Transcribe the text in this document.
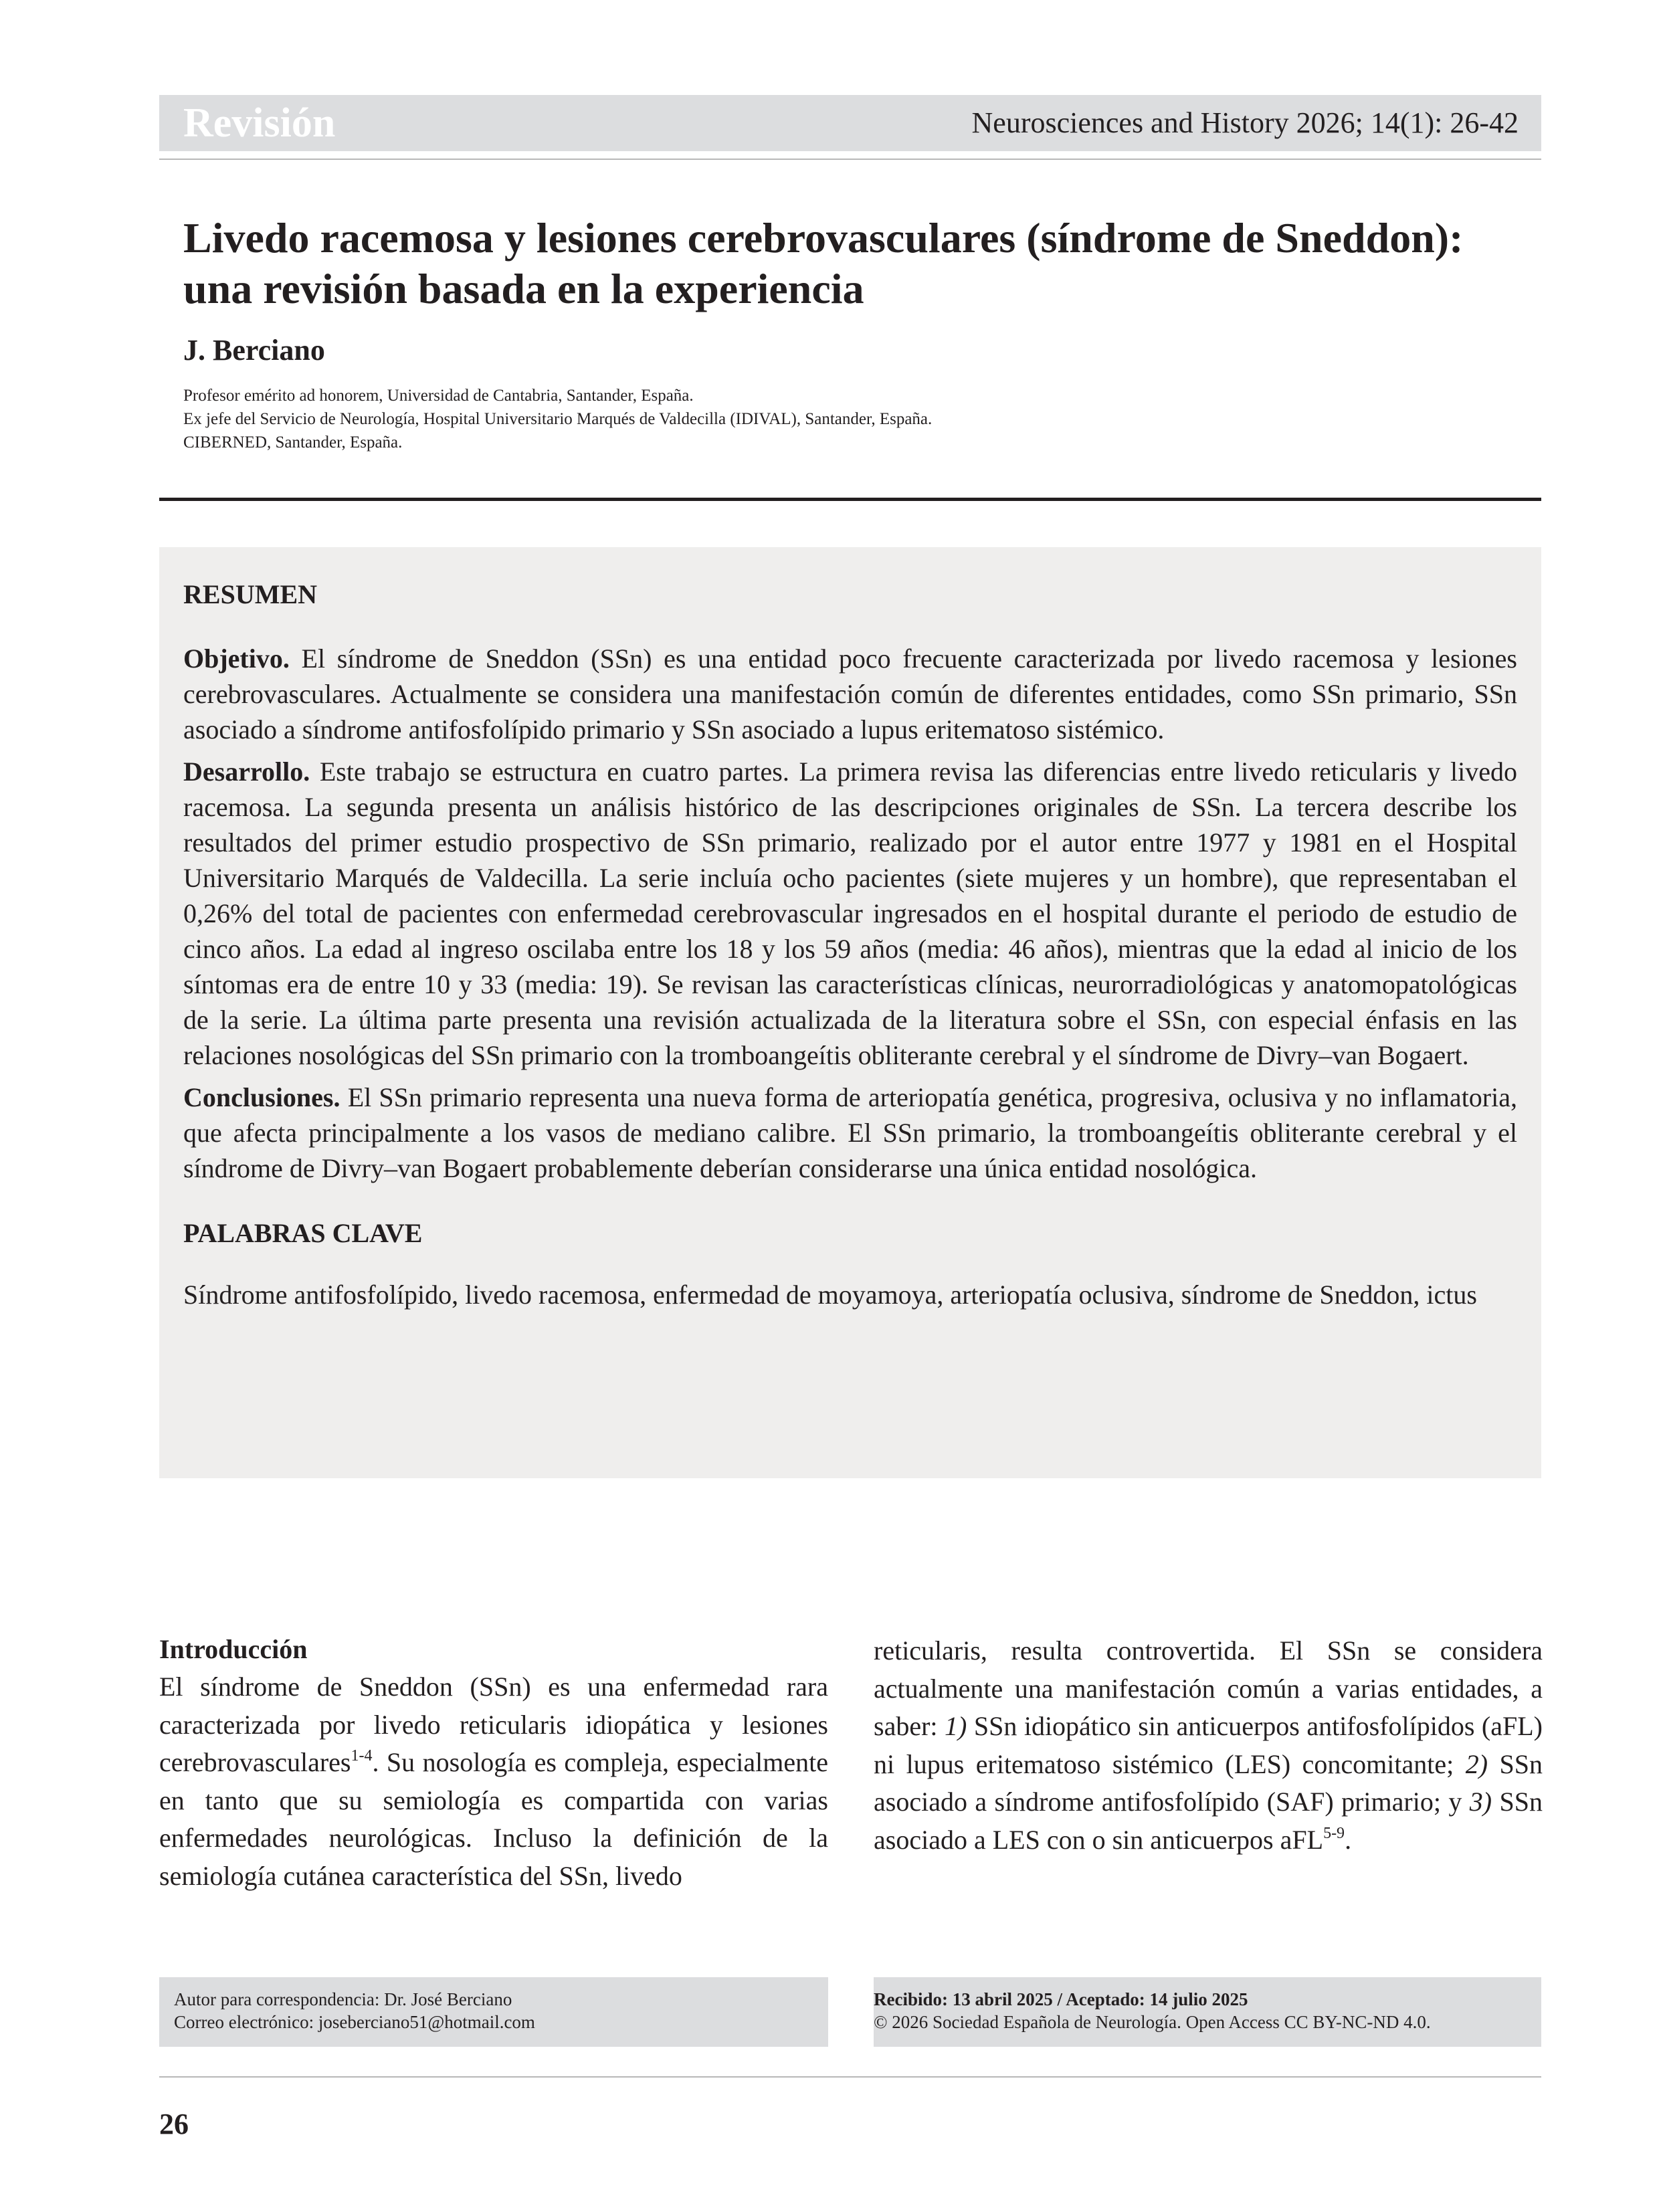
Revisión	Neurosciences and History 2026; 14(1): 26-42
Livedo racemosa y lesiones cerebrovasculares (síndrome de Sneddon):
una revisión basada en la experiencia

J. Berciano

Profesor emérito ad honorem, Universidad de Cantabria, Santander, España.
Ex jefe del Servicio de Neurología, Hospital Universitario Marqués de Valdecilla (IDIVAL), Santander, España.
CIBERNED, Santander, España.

RESUMEN

Objetivo. El síndrome de Sneddon (SSn) es una entidad poco frecuente caracterizada por livedo racemosa y lesiones cerebrovasculares. Actualmente se considera una manifestación común de diferentes entidades, como SSn primario, SSn asociado a síndrome antifosfolípido primario y SSn asociado a lupus eritematoso sistémico.

Desarrollo. Este trabajo se estructura en cuatro partes. La primera revisa las diferencias entre livedo reticularis y livedo racemosa. La segunda presenta un análisis histórico de las descripciones originales de SSn. La tercera describe los resultados del primer estudio prospectivo de SSn primario, realizado por el autor entre 1977 y 1981 en el Hospital Universitario Marqués de Valdecilla. La serie incluía ocho pacientes (siete mujeres y un hombre), que representaban el 0,26% del total de pacientes con enfermedad cerebrovascular ingresados en el hospital durante el periodo de estudio de cinco años. La edad al ingreso oscilaba entre los 18 y los 59 años (media: 46 años), mientras que la edad al inicio de los síntomas era de entre 10 y 33 (media: 19). Se revisan las características clínicas, neurorradiológicas y anatomopatológicas de la serie. La última parte presenta una revisión actualizada de la literatura sobre el SSn, con especial énfasis en las relaciones nosológicas del SSn primario con la tromboangeítis obliterante cerebral y el síndrome de Divry–van Bogaert.

Conclusiones. El SSn primario representa una nueva forma de arteriopatía genética, progresiva, oclusiva y no inflamatoria, que afecta principalmente a los vasos de mediano calibre. El SSn primario, la tromboangeítis obliterante cerebral y el síndrome de Divry–van Bogaert probablemente deberían considerarse una única entidad nosológica.

PALABRAS CLAVE

Síndrome antifosfolípido, livedo racemosa, enfermedad de moyamoya, arteriopatía oclusiva, síndrome de Sneddon, ictus

Introducción

El síndrome de Sneddon (SSn) es una enfermedad rara caracterizada por livedo reticularis idiopática y lesiones cerebrovasculares$^{1-4}$. Su nosología es compleja, especialmente en tanto que su semiología es compartida con varias enfermedades neurológicas. Incluso la definición de la semiología cutánea característica del SSn, livedo

reticularis, resulta controvertida. El SSn se considera actualmente una manifestación común a varias entidades, a saber: 1) SSn idiopático sin anticuerpos antifosfolípidos (aFL) ni lupus eritematoso sistémico (LES) concomitante; 2) SSn asociado a síndrome antifosfolípido (SAF) primario; y 3) SSn asociado a LES con o sin anticuerpos aFL$^{5-9}$.

Autor para correspondencia: Dr. José Berciano
Correo electrónico: joseberciano51@hotmail.com
Recibido: 13 abril 2025 / Aceptado: 14 julio 2025
© 2026 Sociedad Española de Neurología. Open Access CC BY-NC-ND 4.0.
26
